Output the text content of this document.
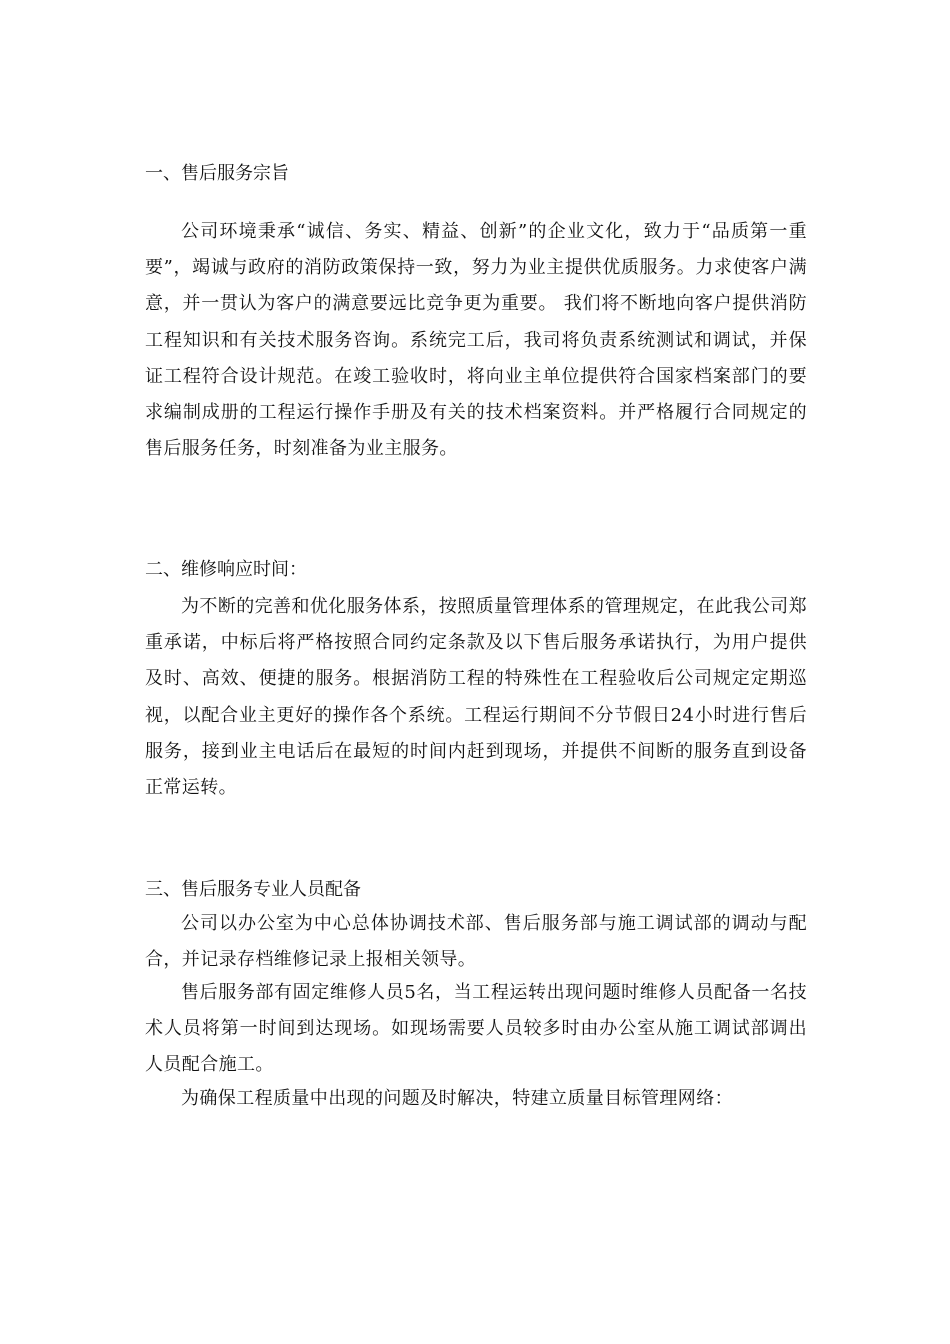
一、售后服务宗旨
公司环境秉承“诚信、务实、精益、创新”的企业文化，致力于“品质第一重要”，竭诚与政府的消防政策保持一致，努力为业主提供优质服务。力求使客户满意，并一贯认为客户的满意要远比竞争更为重要。 我们将不断地向客户提供消防工程知识和有关技术服务咨询。系统完工后，我司将负责系统测试和调试，并保证工程符合设计规范。在竣工验收时，将向业主单位提供符合国家档案部门的要求编制成册的工程运行操作手册及有关的技术档案资料。并严格履行合同规定的售后服务任务，时刻准备为业主服务。
二、维修响应时间：
为不断的完善和优化服务体系，按照质量管理体系的管理规定，在此我公司郑重承诺，中标后将严格按照合同约定条款及以下售后服务承诺执行，为用户提供及时、高效、便捷的服务。根据消防工程的特殊性在工程验收后公司规定定期巡视，以配合业主更好的操作各个系统。工程运行期间不分节假日24小时进行售后服务，接到业主电话后在最短的时间内赶到现场，并提供不间断的服务直到设备正常运转。
三、售后服务专业人员配备
公司以办公室为中心总体协调技术部、售后服务部与施工调试部的调动与配合，并记录存档维修记录上报相关领导。
售后服务部有固定维修人员5名，当工程运转出现问题时维修人员配备一名技术人员将第一时间到达现场。如现场需要人员较多时由办公室从施工调试部调出人员配合施工。
为确保工程质量中出现的问题及时解决，特建立质量目标管理网络：
